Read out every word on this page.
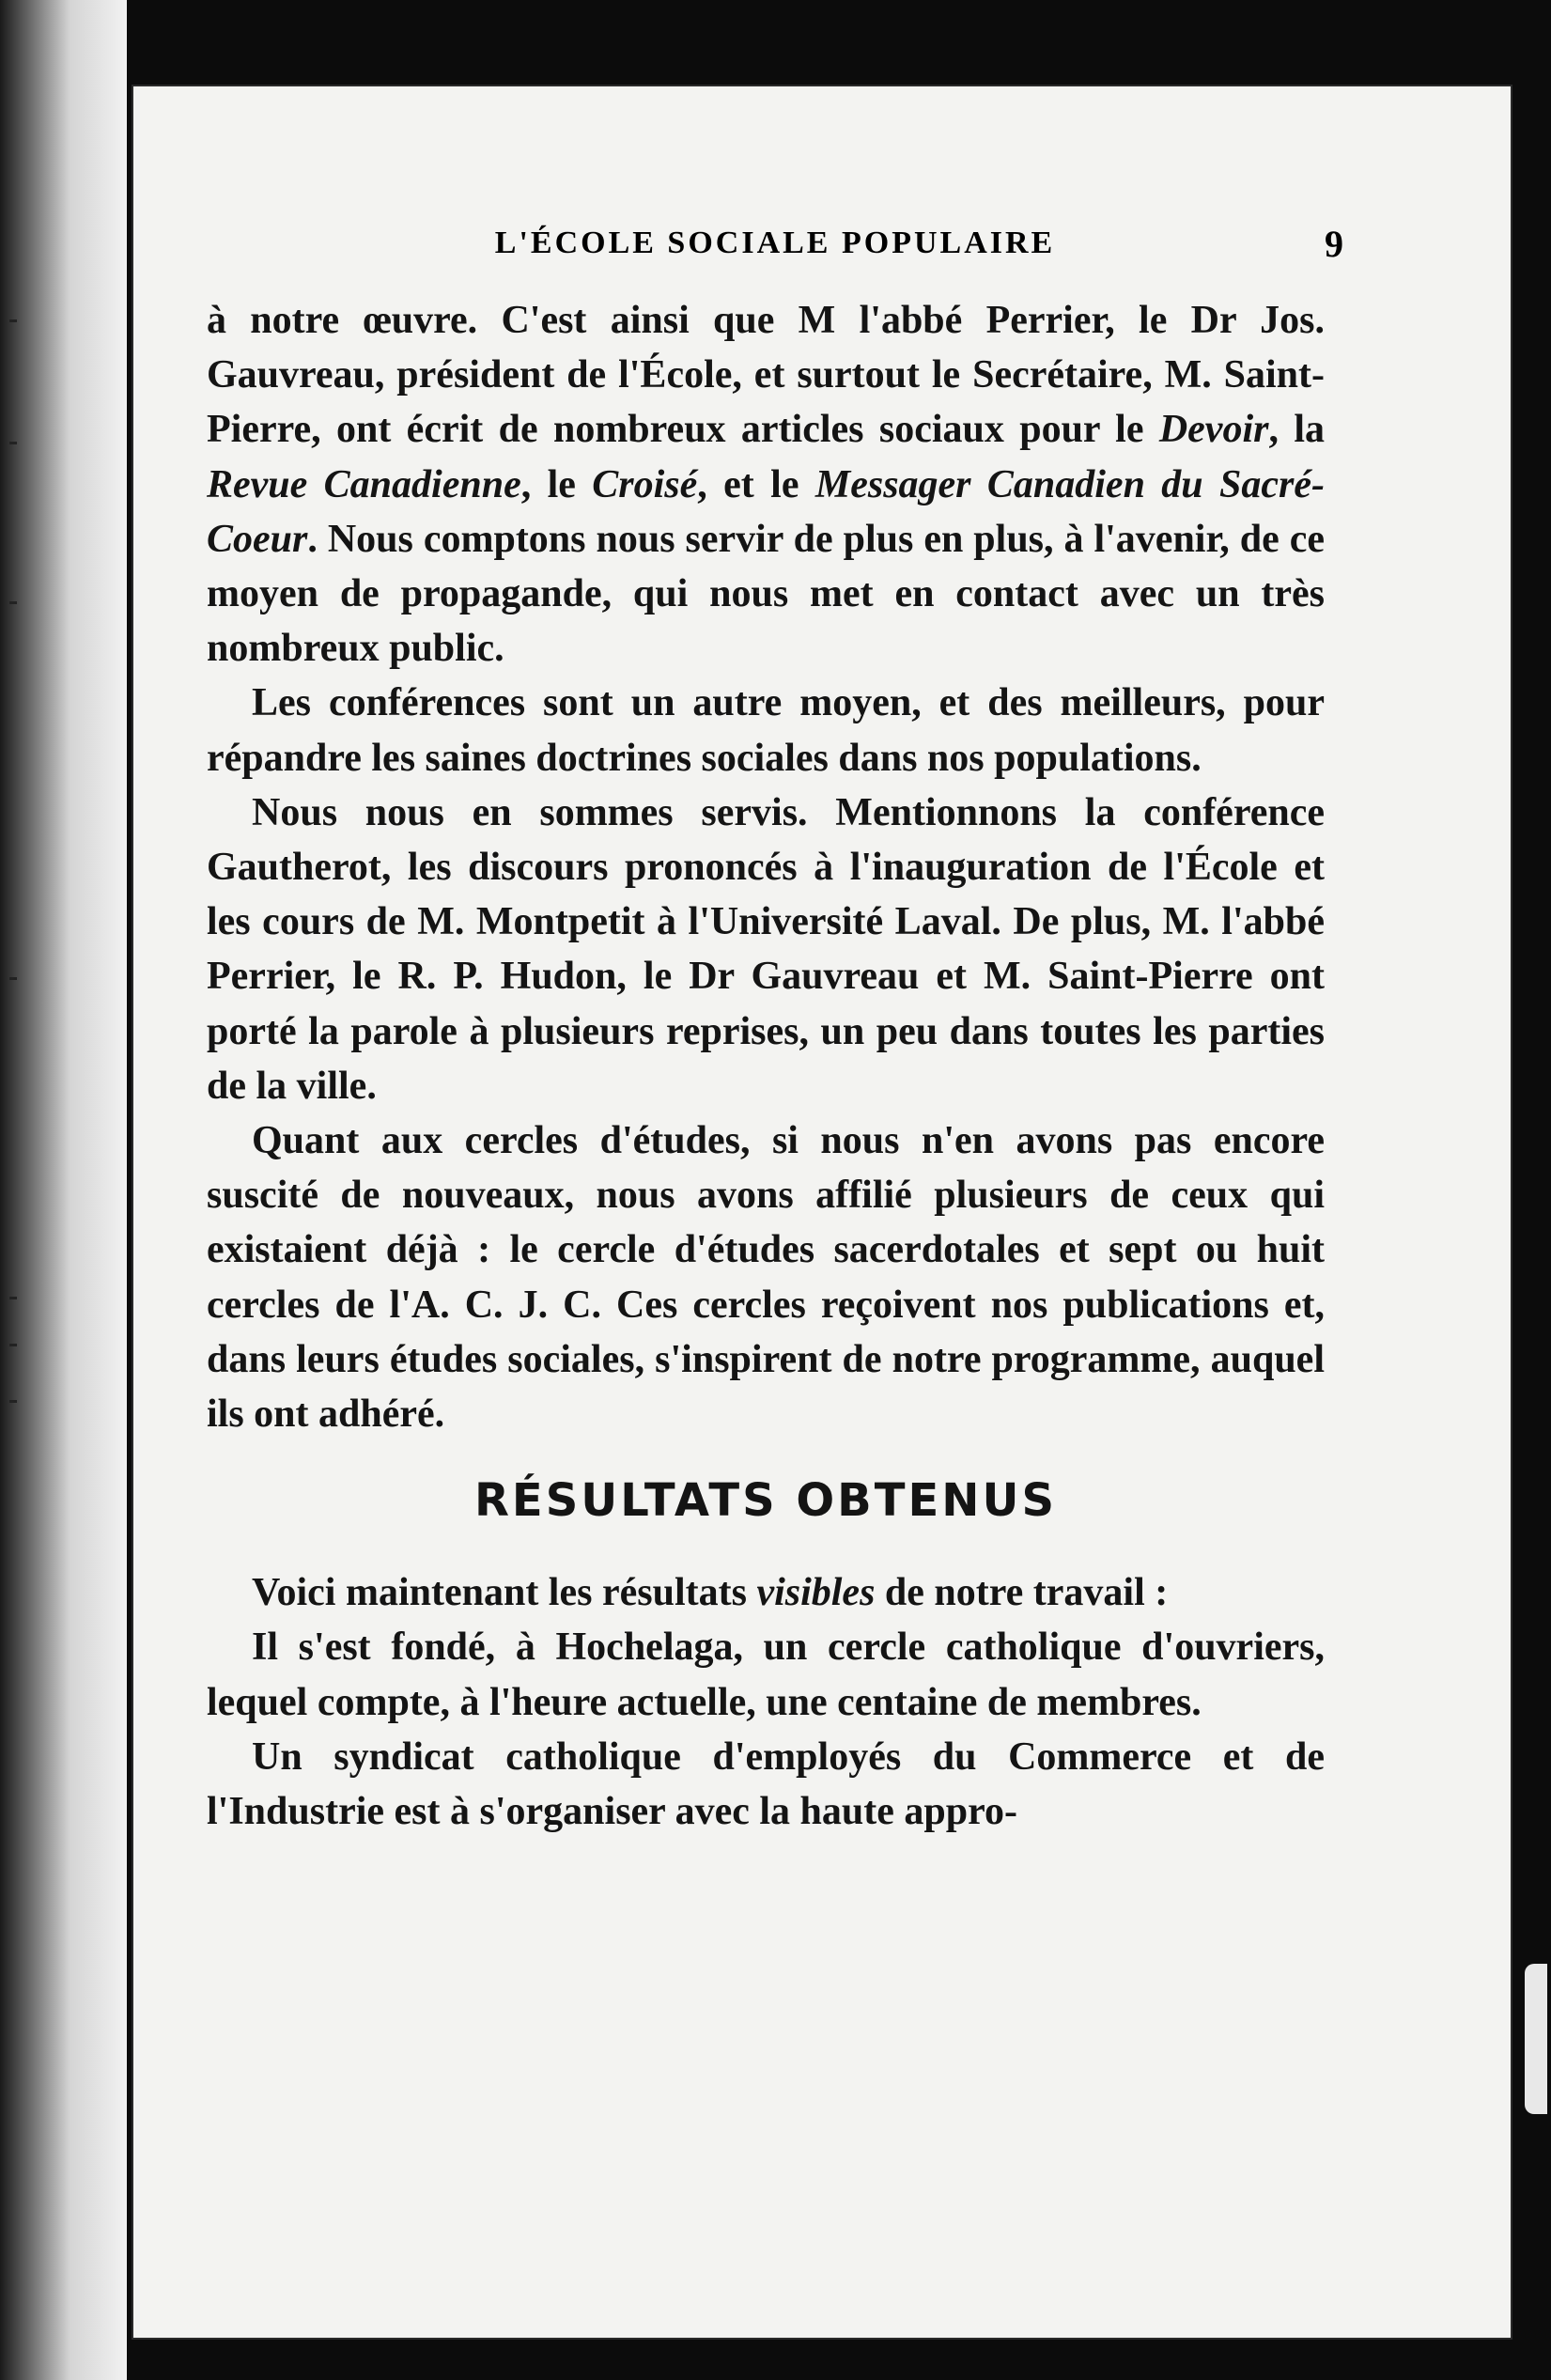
L'ÉCOLE SOCIALE POPULAIRE	9

à notre œuvre. C'est ainsi que M l'abbé Perrier, le Dr Jos. Gauvreau, président de l'École, et surtout le Secrétaire, M. Saint-Pierre, ont écrit de nombreux articles sociaux pour le Devoir, la Revue Canadienne, le Croisé, et le Messager Canadien du Sacré-Coeur. Nous comptons nous servir de plus en plus, à l'avenir, de ce moyen de propagande, qui nous met en contact avec un très nombreux public.

Les conférences sont un autre moyen, et des meilleurs, pour répandre les saines doctrines sociales dans nos populations.

Nous nous en sommes servis. Mentionnons la conférence Gautherot, les discours prononcés à l'inauguration de l'École et les cours de M. Montpetit à l'Université Laval. De plus, M. l'abbé Perrier, le R. P. Hudon, le Dr Gauvreau et M. Saint-Pierre ont porté la parole à plusieurs reprises, un peu dans toutes les parties de la ville.

Quant aux cercles d'études, si nous n'en avons pas encore suscité de nouveaux, nous avons affilié plusieurs de ceux qui existaient déjà : le cercle d'études sacerdotales et sept ou huit cercles de l'A. C. J. C. Ces cercles reçoivent nos publications et, dans leurs études sociales, s'inspirent de notre programme, auquel ils ont adhéré.

RÉSULTATS OBTENUS

Voici maintenant les résultats visibles de notre travail :

Il s'est fondé, à Hochelaga, un cercle catholique d'ouvriers, lequel compte, à l'heure actuelle, une centaine de membres.

Un syndicat catholique d'employés du Commerce et de l'Industrie est à s'organiser avec la haute appro-
